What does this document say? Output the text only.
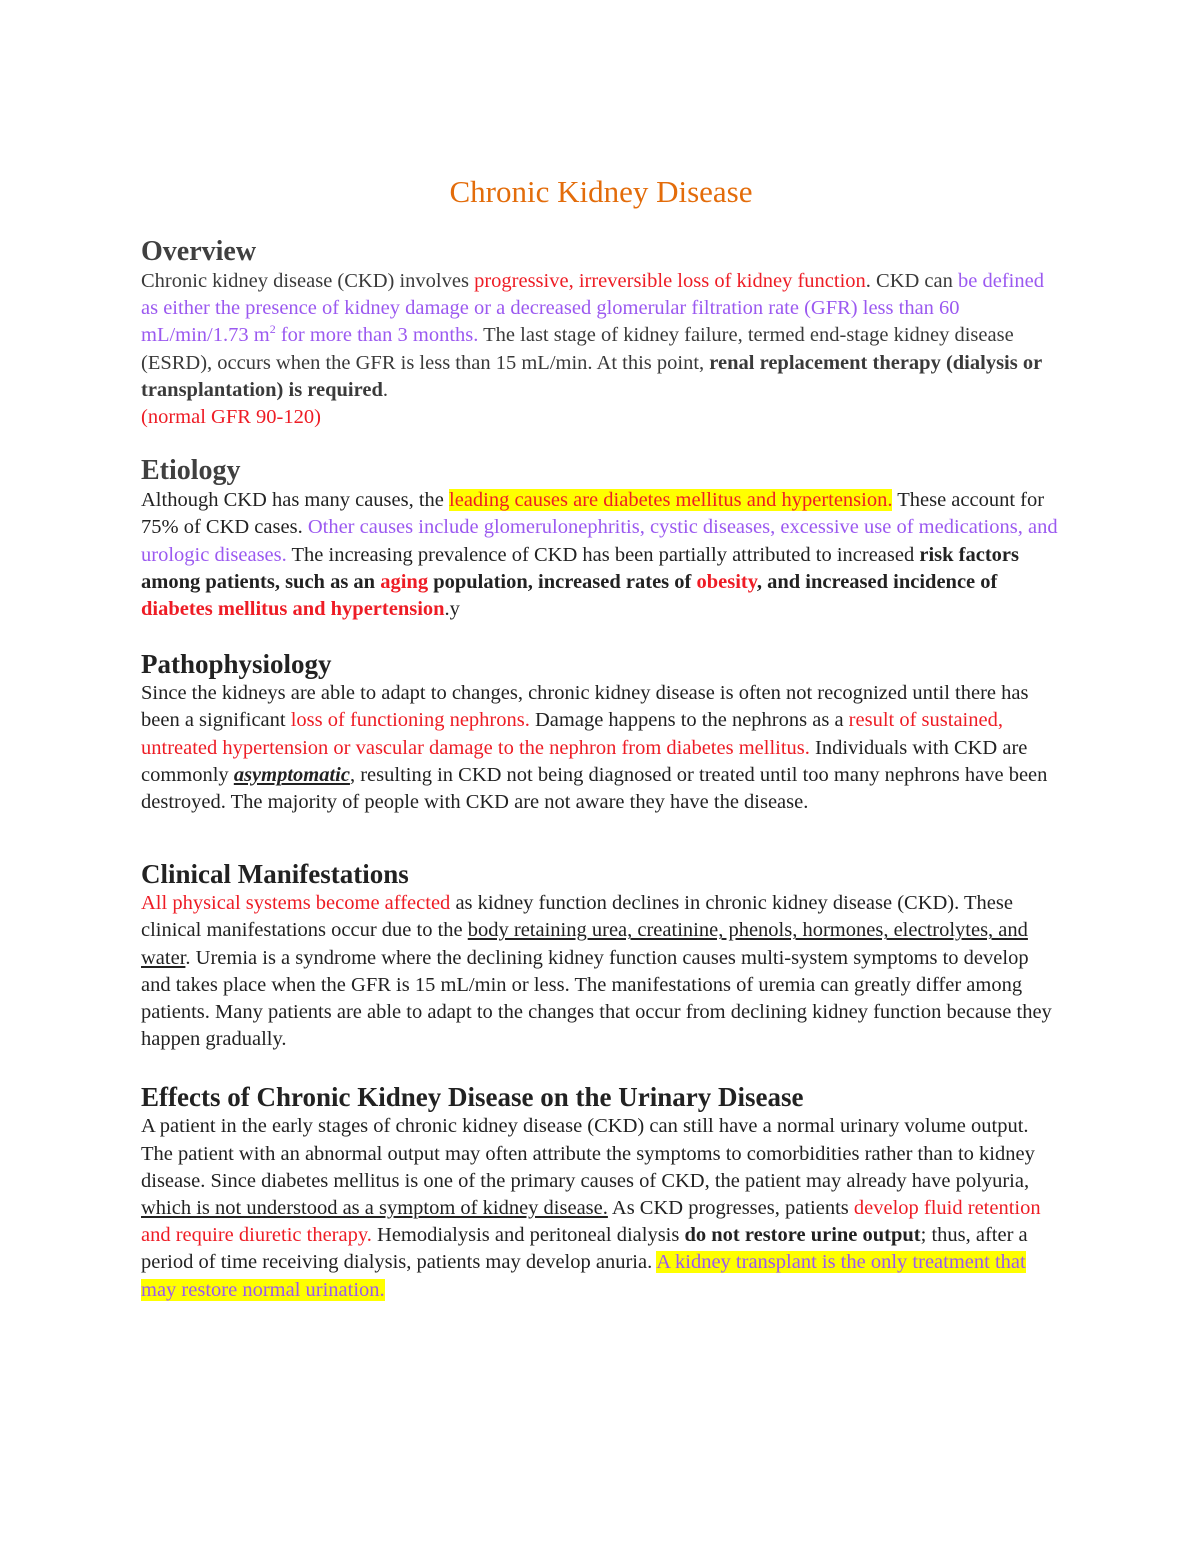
Chronic Kidney Disease
Overview

Chronic kidney disease (CKD) involves progressive, irreversible loss of kidney function. CKD can be defined as either the presence of kidney damage or a decreased glomerular filtration rate (GFR) less than 60 mL/min/1.73 $m^2$ for more than 3 months. The last stage of kidney failure, termed end-stage kidney disease (ESRD), occurs when the GFR is less than 15 mL/min. At this point, renal replacement therapy (dialysis or transplantation) is required.

(normal GFR 90-120)

Etiology

Although CKD has many causes, the leading causes are diabetes mellitus and hypertension. These account for 75% of CKD cases. Other causes include glomerulonephritis, cystic diseases, excessive use of medications, and urologic diseases. The increasing prevalence of CKD has been partially attributed to increased risk factors among patients, such as an aging population, increased rates of obesity, and increased incidence of diabetes mellitus and hypertension.y

Pathophysiology

Since the kidneys are able to adapt to changes, chronic kidney disease is often not recognized until there has been a significant loss of functioning nephrons. Damage happens to the nephrons as a result of sustained, untreated hypertension or vascular damage to the nephron from diabetes mellitus. Individuals with CKD are commonly asymptomatic, resulting in CKD not being diagnosed or treated until too many nephrons have been destroyed. The majority of people with CKD are not aware they have the disease.

Clinical Manifestations

All physical systems become affected as kidney function declines in chronic kidney disease (CKD). These clinical manifestations occur due to the body retaining urea, creatinine, phenols, hormones, electrolytes, and water. Uremia is a syndrome where the declining kidney function causes multi-system symptoms to develop and takes place when the GFR is 15 mL/min or less. The manifestations of uremia can greatly differ among patients. Many patients are able to adapt to the changes that occur from declining kidney function because they happen gradually.

Effects of Chronic Kidney Disease on the Urinary Disease

A patient in the early stages of chronic kidney disease (CKD) can still have a normal urinary volume output. The patient with an abnormal output may often attribute the symptoms to comorbidities rather than to kidney disease. Since diabetes mellitus is one of the primary causes of CKD, the patient may already have polyuria, which is not understood as a symptom of kidney disease. As CKD progresses, patients develop fluid retention and require diuretic therapy. Hemodialysis and peritoneal dialysis do not restore urine output; thus, after a period of time receiving dialysis, patients may develop anuria. A kidney transplant is the only treatment that may restore normal urination.
